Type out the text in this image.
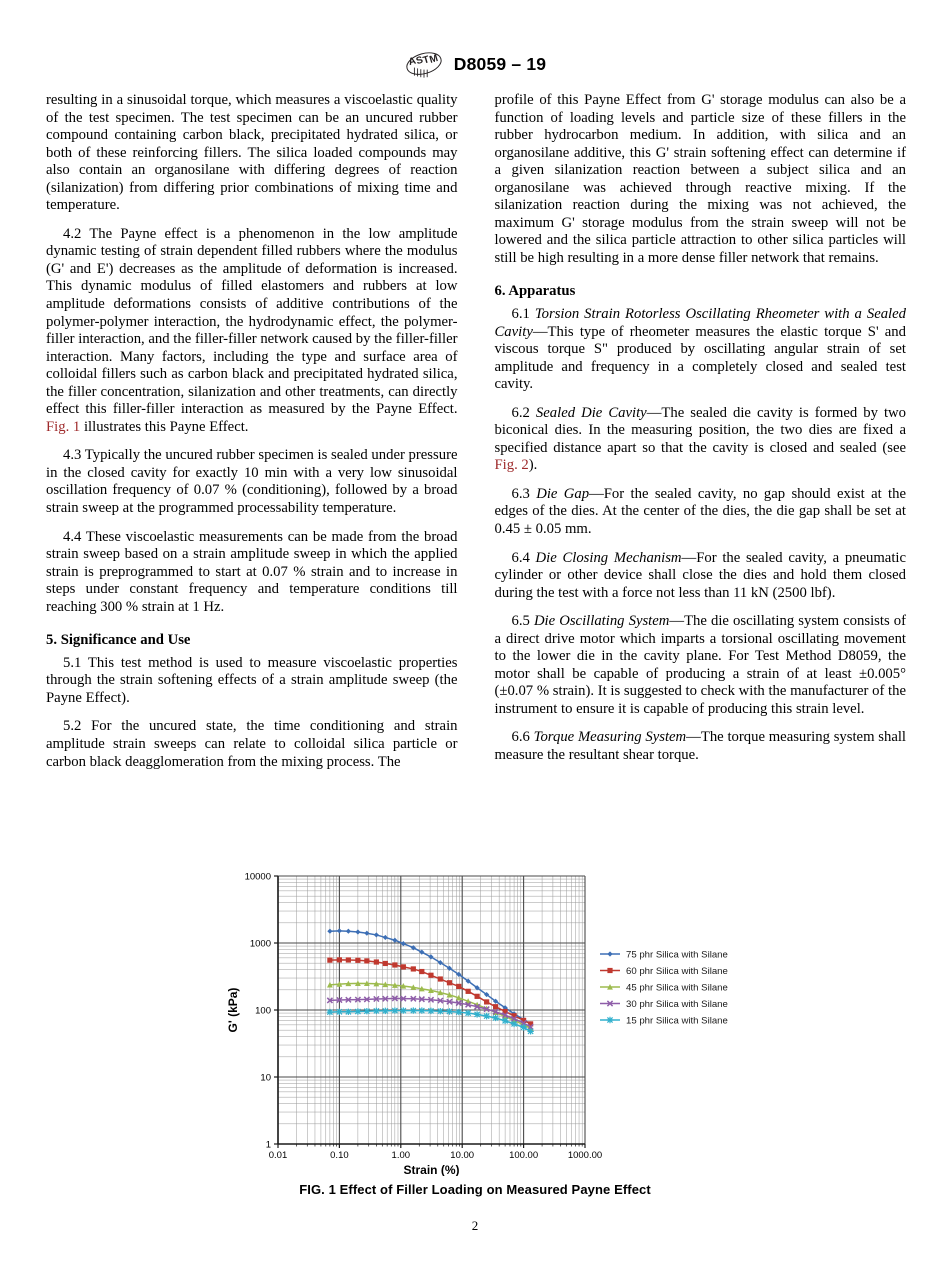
A
S
T
M D8059 – 19

resulting in a sinusoidal torque, which measures a viscoelastic quality of the test specimen. The test specimen can be an uncured rubber compound containing carbon black, precipitated hydrated silica, or both of these reinforcing fillers. The silica loaded compounds may also contain an organosilane with differing degrees of reaction (silanization) from differing prior combinations of mixing time and temperature.

4.2 The Payne effect is a phenomenon in the low amplitude dynamic testing of strain dependent filled rubbers where the modulus (G' and E') decreases as the amplitude of deformation is increased. This dynamic modulus of filled elastomers and rubbers at low amplitude deformations consists of additive contributions of the polymer-polymer interaction, the hydrodynamic effect, the polymer-filler interaction, and the filler-filler network caused by the filler-filler interaction. Many factors, including the type and surface area of colloidal fillers such as carbon black and precipitated hydrated silica, the filler concentration, silanization and other treatments, can directly effect this filler-filler interaction as measured by the Payne Effect. Fig. 1 illustrates this Payne Effect.

4.3 Typically the uncured rubber specimen is sealed under pressure in the closed cavity for exactly 10 min with a very low sinusoidal oscillation frequency of 0.07 % (conditioning), followed by a broad strain sweep at the programmed processability temperature.

4.4 These viscoelastic measurements can be made from the broad strain sweep based on a strain amplitude sweep in which the applied strain is preprogrammed to start at 0.07 % strain and to increase in steps under constant frequency and temperature conditions till reaching 300 % strain at 1 Hz.

5. Significance and Use

5.1 This test method is used to measure viscoelastic properties through the strain softening effects of a strain amplitude sweep (the Payne Effect).

5.2 For the uncured state, the time conditioning and strain amplitude strain sweeps can relate to colloidal silica particle or carbon black deagglomeration from the mixing process. The

profile of this Payne Effect from G' storage modulus can also be a function of loading levels and particle size of these fillers in the rubber hydrocarbon medium. In addition, with silica and an organosilane additive, this G' strain softening effect can determine if a given silanization reaction between a subject silica and an organosilane was achieved through reactive mixing. If the silanization reaction during the mixing was not achieved, the maximum G' storage modulus from the strain sweep will not be lowered and the silica particle attraction to other silica particles will still be high resulting in a more dense filler network that remains.

6. Apparatus

6.1 Torsion Strain Rotorless Oscillating Rheometer with a Sealed Cavity—This type of rheometer measures the elastic torque S' and viscous torque S" produced by oscillating angular strain of set amplitude and frequency in a completely closed and sealed test cavity.

6.2 Sealed Die Cavity—The sealed die cavity is formed by two biconical dies. In the measuring position, the two dies are fixed a specified distance apart so that the cavity is closed and sealed (see Fig. 2).

6.3 Die Gap—For the sealed cavity, no gap should exist at the edges of the dies. At the center of the dies, the die gap shall be set at 0.45 ± 0.05 mm.

6.4 Die Closing Mechanism—For the sealed cavity, a pneumatic cylinder or other device shall close the dies and hold them closed during the test with a force not less than 11 kN (2500 lbf).

6.5 Die Oscillating System—The die oscillating system consists of a direct drive motor which imparts a torsional oscillating movement to the lower die in the cavity plane. For Test Method D8059, the motor shall be capable of producing a strain of at least ±0.005° (±0.07 % strain). It is suggested to check with the manufacturer of the instrument to ensure it is capable of producing this strain level.

6.6 Torque Measuring System—The torque measuring system shall measure the resultant shear torque.

0.01	0.10	1.00	10.00	100.00	1000.00
1
10
100
1000
10000
Strain (%)
G' (kPa)
75 phr Silica with Silane
60 phr Silica with Silane
45 phr Silica with Silane
30 phr Silica with Silane
15 phr Silica with Silane
FIG. 1 Effect of Filler Loading on Measured Payne Effect
2
